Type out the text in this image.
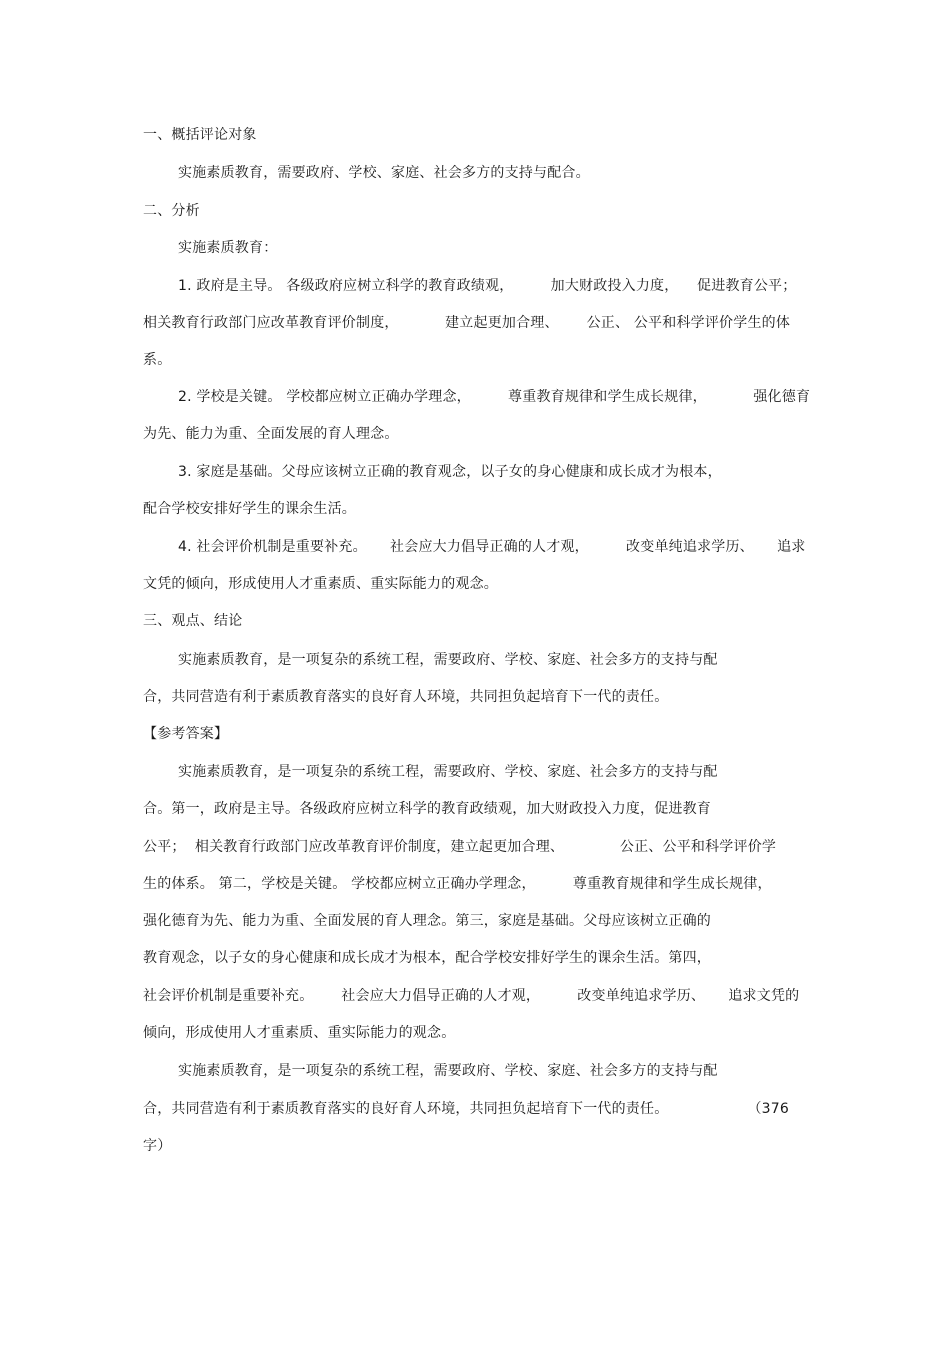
一、概括评论对象
实施素质教育，需要政府、学校、家庭、社会多方的支持与配合。
二、分析
实施素质教育：
1. 政府是主导。 各级政府应树立科学的教育政绩观，        加大财政投入力度，    促进教育公平；
相关教育行政部门应改革教育评价制度，          建立起更加合理、      公正、 公平和科学评价学生的体
系。
2. 学校是关键。 学校都应树立正确办学理念，        尊重教育规律和学生成长规律，          强化德育
为先、能力为重、全面发展的育人理念。
3. 家庭是基础。父母应该树立正确的教育观念，以子女的身心健康和成长成才为根本，
配合学校安排好学生的课余生活。
4. 社会评价机制是重要补充。     社会应大力倡导正确的人才观，        改变单纯追求学历、     追求
文凭的倾向，形成使用人才重素质、重实际能力的观念。
三、观点、结论
实施素质教育，是一项复杂的系统工程，需要政府、学校、家庭、社会多方的支持与配
合，共同营造有利于素质教育落实的良好育人环境，共同担负起培育下一代的责任。
【参考答案】
实施素质教育，是一项复杂的系统工程，需要政府、学校、家庭、社会多方的支持与配
合。第一，政府是主导。各级政府应树立科学的教育政绩观，加大财政投入力度，促进教育
公平；  相关教育行政部门应改革教育评价制度，建立起更加合理、            公正、公平和科学评价学
生的体系。 第二，学校是关键。 学校都应树立正确办学理念，        尊重教育规律和学生成长规律，
强化德育为先、能力为重、全面发展的育人理念。第三，家庭是基础。父母应该树立正确的
教育观念，以子女的身心健康和成长成才为根本，配合学校安排好学生的课余生活。第四，
社会评价机制是重要补充。      社会应大力倡导正确的人才观，        改变单纯追求学历、     追求文凭的
倾向，形成使用人才重素质、重实际能力的观念。
实施素质教育，是一项复杂的系统工程，需要政府、学校、家庭、社会多方的支持与配
合，共同营造有利于素质教育落实的良好育人环境，共同担负起培育下一代的责任。                 （376
字）
